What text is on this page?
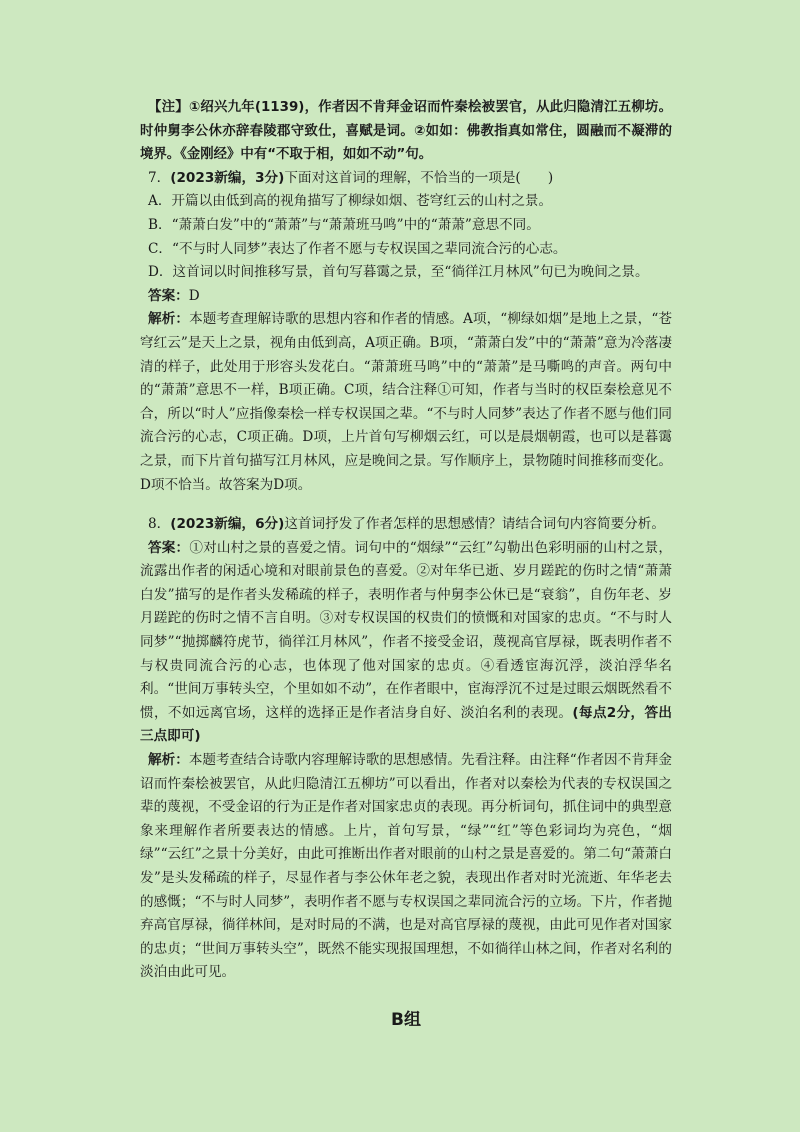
【注】①绍兴九年(1139)，作者因不肯拜金诏而忤秦桧被罢官，从此归隐清江五柳坊。时仲舅李公休亦辞春陵郡守致仕，喜赋是词。②如如：佛教指真如常住，圆融而不凝滞的境界。《金刚经》中有“不取于相，如如不动”句。

7．(2023新编，3分)下面对这首词的理解，不恰当的一项是(　　)

A．开篇以由低到高的视角描写了柳绿如烟、苍穹红云的山村之景。

B．“萧萧白发”中的“萧萧”与“萧萧班马鸣”中的“萧萧”意思不同。

C．“不与时人同梦”表达了作者不愿与专权误国之辈同流合污的心志。

D．这首词以时间推移写景，首句写暮霭之景，至“徜徉江月林风”句已为晚间之景。

答案：D

解析：本题考查理解诗歌的思想内容和作者的情感。A项，“柳绿如烟”是地上之景，“苍穹红云”是天上之景，视角由低到高，A项正确。B项，“萧萧白发”中的“萧萧”意为冷落凄清的样子，此处用于形容头发花白。“萧萧班马鸣”中的“萧萧”是马嘶鸣的声音。两句中的“萧萧”意思不一样，B项正确。C项，结合注释①可知，作者与当时的权臣秦桧意见不合，所以“时人”应指像秦桧一样专权误国之辈。“不与时人同梦”表达了作者不愿与他们同流合污的心志，C项正确。D项，上片首句写柳烟云红，可以是晨烟朝霞，也可以是暮霭之景，而下片首句描写江月林风，应是晚间之景。写作顺序上，景物随时间推移而变化。D项不恰当。故答案为D项。

8．(2023新编，6分)这首词抒发了作者怎样的思想感情？请结合词句内容简要分析。

答案：①对山村之景的喜爱之情。词句中的“烟绿”“云红”勾勒出色彩明丽的山村之景，流露出作者的闲适心境和对眼前景色的喜爱。②对年华已逝、岁月蹉跎的伤时之情“萧萧白发”描写的是作者头发稀疏的样子，表明作者与仲舅李公休已是“衰翁”，自伤年老、岁月蹉跎的伤时之情不言自明。③对专权误国的权贵们的愤慨和对国家的忠贞。“不与时人同梦”“抛掷麟符虎节，徜徉江月林风”，作者不接受金诏，蔑视高官厚禄，既表明作者不与权贵同流合污的心志，也体现了他对国家的忠贞。④看透宦海沉浮，淡泊浮华名利。“世间万事转头空，个里如如不动”，在作者眼中，宦海浮沉不过是过眼云烟既然看不惯，不如远离官场，这样的选择正是作者洁身自好、淡泊名利的表现。(每点2分，答出三点即可)

解析：本题考查结合诗歌内容理解诗歌的思想感情。先看注释。由注释“作者因不肯拜金诏而忤秦桧被罢官，从此归隐清江五柳坊”可以看出，作者对以秦桧为代表的专权误国之辈的蔑视，不受金诏的行为正是作者对国家忠贞的表现。再分析词句，抓住词中的典型意象来理解作者所要表达的情感。上片，首句写景，“绿”“红”等色彩词均为亮色，“烟绿”“云红”之景十分美好，由此可推断出作者对眼前的山村之景是喜爱的。第二句“萧萧白发”是头发稀疏的样子，尽显作者与李公休年老之貌，表现出作者对时光流逝、年华老去的感慨；“不与时人同梦”，表明作者不愿与专权误国之辈同流合污的立场。下片，作者抛弃高官厚禄，徜徉林间，是对时局的不满，也是对高官厚禄的蔑视，由此可见作者对国家的忠贞；“世间万事转头空”，既然不能实现报国理想，不如徜徉山林之间，作者对名利的淡泊由此可见。

B组
